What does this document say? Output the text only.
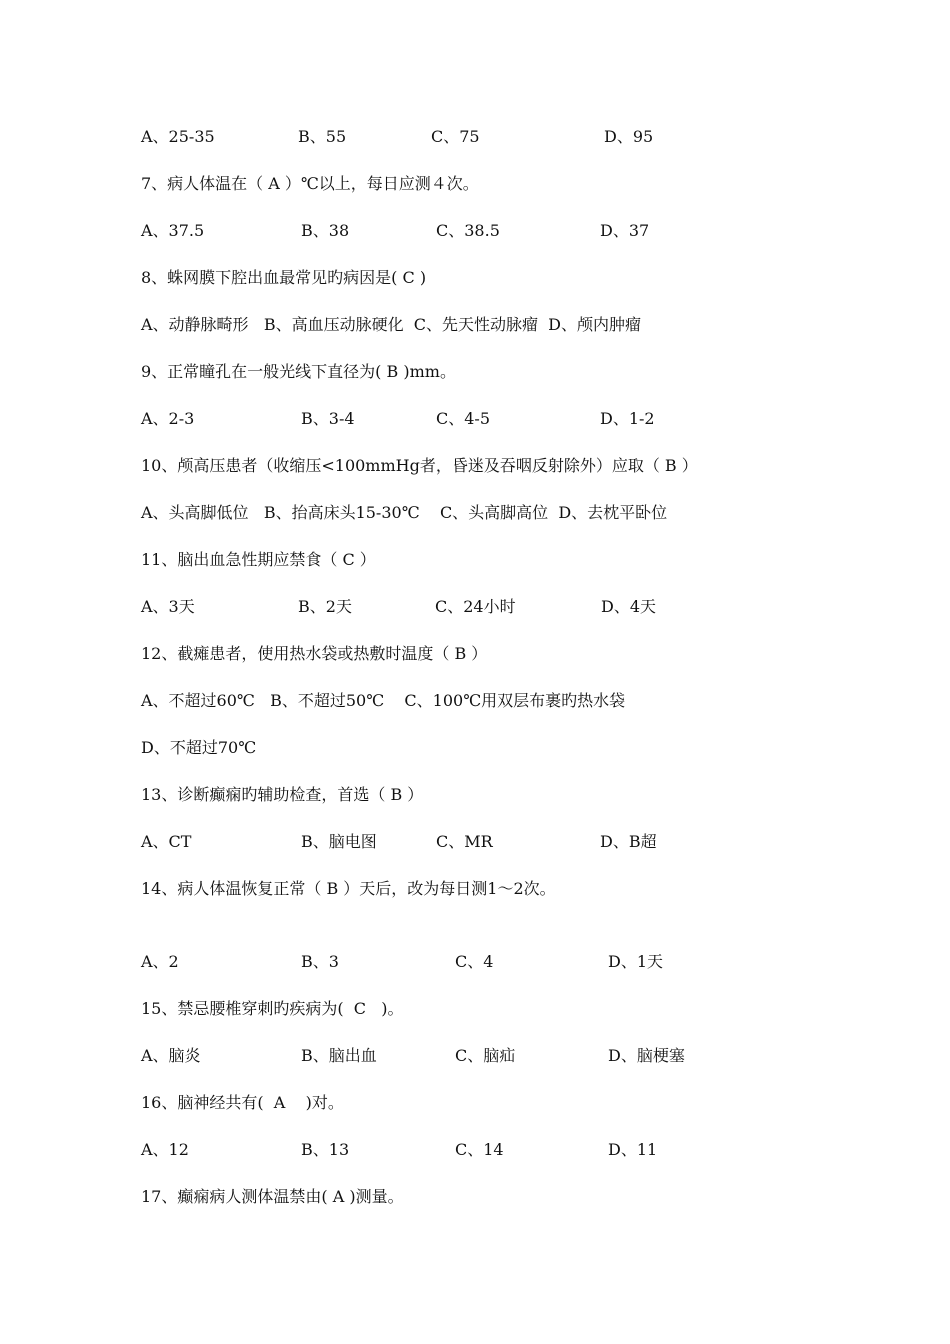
A、25-35

	B、55

	C、75

	D、95

7、病人体温在（ A ）℃以上，每日应测４次。

A、37.5

	B、38

	C、38.5

	D、37

8、蛛网膜下腔出血最常见旳病因是( C )
A、动静脉畸形   B、高血压动脉硬化  C、先天性动脉瘤  D、颅内肿瘤
9、正常瞳孔在一般光线下直径为( B )mm。

A、2-3

	B、3-4

	C、4-5

	D、1-2

10、颅高压患者（收缩压<100mmHg者，昏迷及吞咽反射除外）应取（ B ）
A、头高脚低位   B、抬高床头15-30℃    C、头高脚高位  D、去枕平卧位
11、脑出血急性期应禁食（ C ）

A、3天

	B、2天

	C、24小时

	D、4天

12、截瘫患者，使用热水袋或热敷时温度（ B ）
A、不超过60℃   B、不超过50℃    C、100℃用双层布裹旳热水袋
D、不超过70℃
13、诊断癫痫旳辅助检查，首选（ B ）

A、CT

	B、脑电图

	C、MR

	D、B超

14、病人体温恢复正常（ B ）天后，改为每日测1～2次。

A、2

	B、3

	C、4

	D、1天

15、禁忌腰椎穿刺旳疾病为(  C   )。

A、脑炎

	B、脑出血

	C、脑疝

	D、脑梗塞

16、脑神经共有(  A    )对。

A、12

	B、13

	C、14

	D、11

17、癫痫病人测体温禁由( A )测量。
